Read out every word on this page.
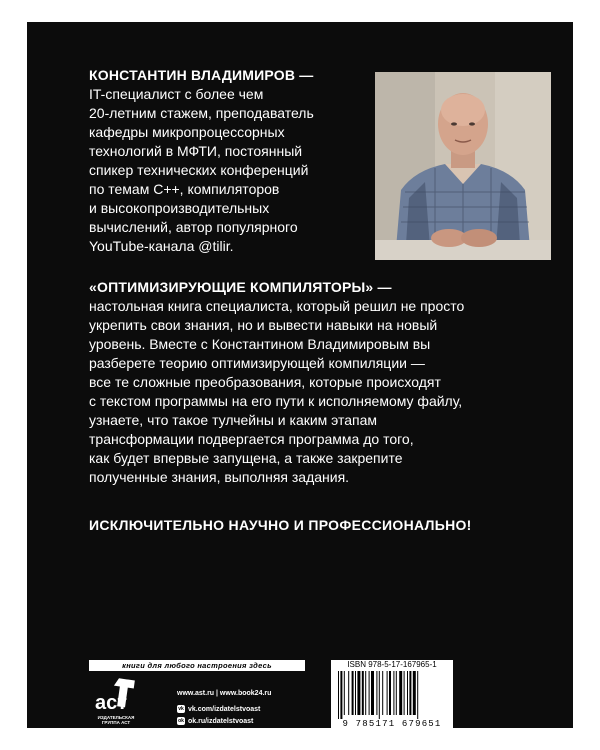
КОНСТАНТИН ВЛАДИМИРОВ —
IT-специалист с более чем
20-летним стажем, преподаватель
кафедры микропроцессорных
технологий в МФТИ, постоянный
спикер технических конференций
по темам С++, компиляторов
и высокопроизводительных
вычислений, автор популярного
YouTube-канала @tilir.
«ОПТИМИЗИРУЮЩИЕ КОМПИЛЯТОРЫ» —
настольная книга специалиста, который решил не просто
укрепить свои знания, но и вывести навыки на новый
уровень. Вместе с Константином Владимировым вы
разберете теорию оптимизирующей компиляции —
все те сложные преобразования, которые происходят
с текстом программы на его пути к исполняемому файлу,
узнаете, что такое тулчейны и каким этапам
трансформации подвергается программа до того,
как будет впервые запущена, а также закрепите
полученные знания, выполняя задания.
ИСКЛЮЧИТЕЛЬНО НАУЧНО И ПРОФЕССИОНАЛЬНО!
книги для любого настроения здесь
аст
ИЗДАТЕЛЬСКАЯ ГРУППА АСТ
www.ast.ru | www.book24.ru
vk vk.com/izdatelstvoast
ok ok.ru/izdatelstvoast
ISBN 978-5-17-167965-1
9 785171 679651
